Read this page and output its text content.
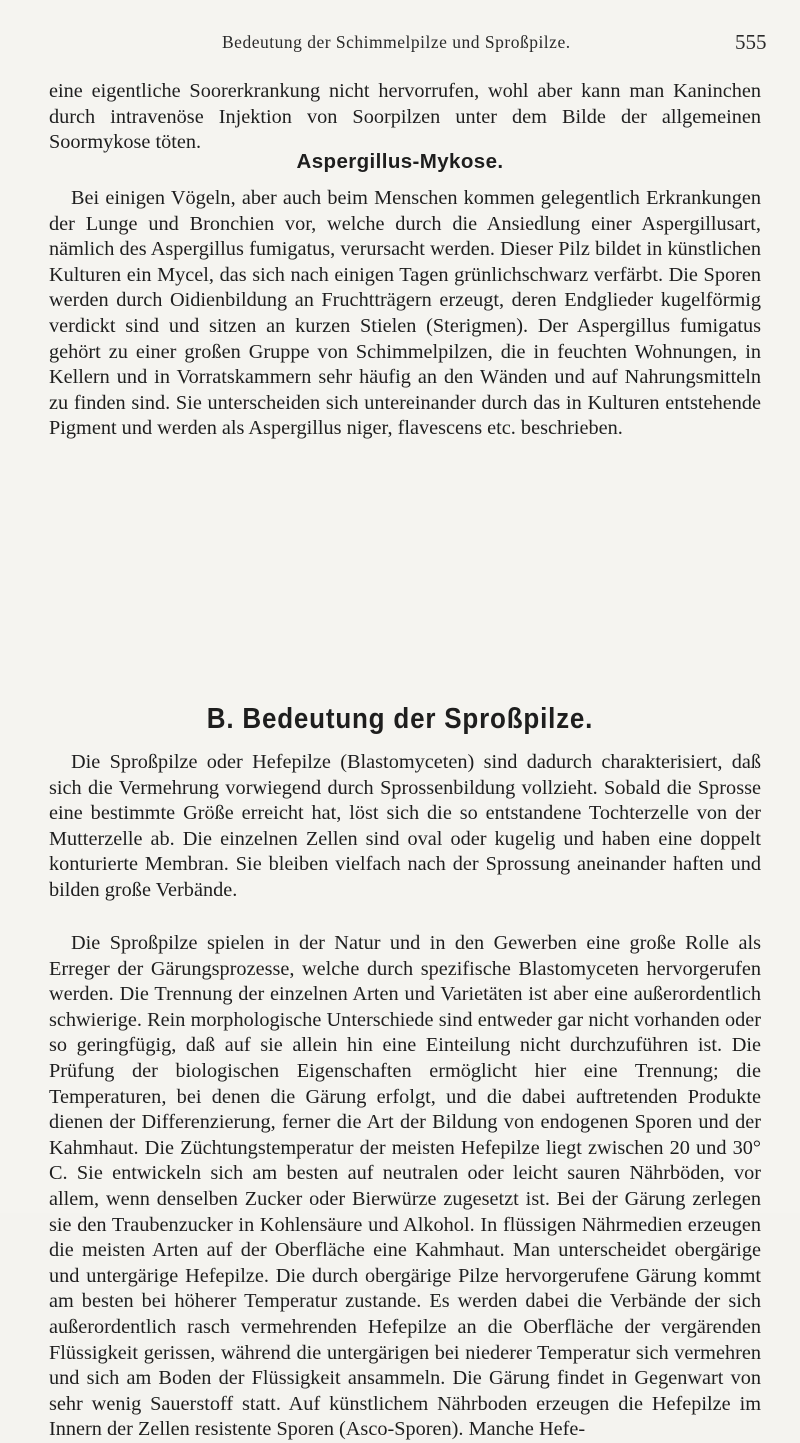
Bedeutung der Schimmelpilze und Sproßpilze.	555

eine eigentliche Soorerkrankung nicht hervorrufen, wohl aber kann man Kaninchen durch intravenöse Injektion von Soorpilzen unter dem Bilde der allgemeinen Soormykose töten.

Aspergillus-Mykose.

Bei einigen Vögeln, aber auch beim Menschen kommen gelegentlich Erkrankungen der Lunge und Bronchien vor, welche durch die Ansiedlung einer Aspergillusart, nämlich des Aspergillus fumigatus, verursacht werden. Dieser Pilz bildet in künstlichen Kulturen ein Mycel, das sich nach einigen Tagen grünlichschwarz verfärbt. Die Sporen werden durch Oidienbildung an Fruchtträgern erzeugt, deren Endglieder kugelförmig verdickt sind und sitzen an kurzen Stielen (Sterigmen). Der Aspergillus fumigatus gehört zu einer großen Gruppe von Schimmelpilzen, die in feuchten Wohnungen, in Kellern und in Vorratskammern sehr häufig an den Wänden und auf Nahrungsmitteln zu finden sind. Sie unterscheiden sich untereinander durch das in Kulturen entstehende Pigment und werden als Aspergillus niger, flavescens etc. beschrieben.

B. Bedeutung der Sproßpilze.

Die Sproßpilze oder Hefepilze (Blastomyceten) sind dadurch charakterisiert, daß sich die Vermehrung vorwiegend durch Sprossenbildung vollzieht. Sobald die Sprosse eine bestimmte Größe erreicht hat, löst sich die so entstandene Tochterzelle von der Mutterzelle ab. Die einzelnen Zellen sind oval oder kugelig und haben eine doppelt konturierte Membran. Sie bleiben vielfach nach der Sprossung aneinander haften und bilden große Verbände.

Die Sproßpilze spielen in der Natur und in den Gewerben eine große Rolle als Erreger der Gärungsprozesse, welche durch spezifische Blastomyceten hervorgerufen werden. Die Trennung der einzelnen Arten und Varietäten ist aber eine außerordentlich schwierige. Rein morphologische Unterschiede sind entweder gar nicht vorhanden oder so geringfügig, daß auf sie allein hin eine Einteilung nicht durchzuführen ist. Die Prüfung der biologischen Eigenschaften ermöglicht hier eine Trennung; die Temperaturen, bei denen die Gärung erfolgt, und die dabei auftretenden Produkte dienen der Differenzierung, ferner die Art der Bildung von endogenen Sporen und der Kahmhaut. Die Züchtungstemperatur der meisten Hefepilze liegt zwischen 20 und 30° C. Sie entwickeln sich am besten auf neutralen oder leicht sauren Nährböden, vor allem, wenn denselben Zucker oder Bierwürze zugesetzt ist. Bei der Gärung zerlegen sie den Traubenzucker in Kohlensäure und Alkohol. In flüssigen Nährmedien erzeugen die meisten Arten auf der Oberfläche eine Kahmhaut. Man unterscheidet obergärige und untergärige Hefepilze. Die durch obergärige Pilze hervorgerufene Gärung kommt am besten bei höherer Temperatur zustande. Es werden dabei die Verbände der sich außerordentlich rasch vermehrenden Hefepilze an die Oberfläche der vergärenden Flüssigkeit gerissen, während die untergärigen bei niederer Temperatur sich vermehren und sich am Boden der Flüssigkeit ansammeln. Die Gärung findet in Gegenwart von sehr wenig Sauerstoff statt. Auf künstlichem Nährboden erzeugen die Hefepilze im Innern der Zellen resistente Sporen (Asco-Sporen). Manche Hefe-
